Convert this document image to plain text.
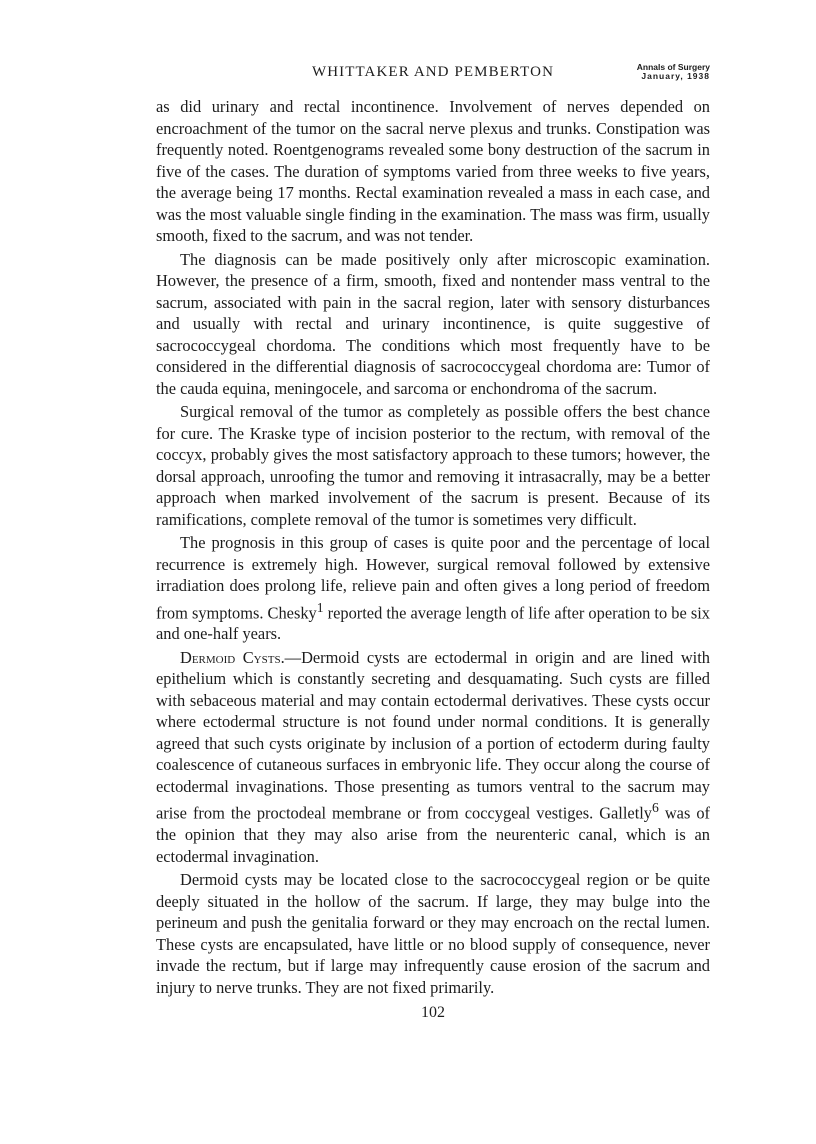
WHITTAKER AND PEMBERTON	Annals of Surgery
January, 1938

as did urinary and rectal incontinence. Involvement of nerves depended on encroachment of the tumor on the sacral nerve plexus and trunks. Constipation was frequently noted. Roentgenograms revealed some bony destruction of the sacrum in five of the cases. The duration of symptoms varied from three weeks to five years, the average being 17 months. Rectal examination revealed a mass in each case, and was the most valuable single finding in the examination. The mass was firm, usually smooth, fixed to the sacrum, and was not tender.

The diagnosis can be made positively only after microscopic examination. However, the presence of a firm, smooth, fixed and nontender mass ventral to the sacrum, associated with pain in the sacral region, later with sensory disturbances and usually with rectal and urinary incontinence, is quite suggestive of sacrococcygeal chordoma. The conditions which most frequently have to be considered in the differential diagnosis of sacrococcygeal chordoma are: Tumor of the cauda equina, meningocele, and sarcoma or enchondroma of the sacrum.

Surgical removal of the tumor as completely as possible offers the best chance for cure. The Kraske type of incision posterior to the rectum, with removal of the coccyx, probably gives the most satisfactory approach to these tumors; however, the dorsal approach, unroofing the tumor and removing it intrasacrally, may be a better approach when marked involvement of the sacrum is present. Because of its ramifications, complete removal of the tumor is sometimes very difficult.

The prognosis in this group of cases is quite poor and the percentage of local recurrence is extremely high. However, surgical removal followed by extensive irradiation does prolong life, relieve pain and often gives a long period of freedom from symptoms. Chesky$^1$ reported the average length of life after operation to be six and one-half years.

Dermoid Cysts.—Dermoid cysts are ectodermal in origin and are lined with epithelium which is constantly secreting and desquamating. Such cysts are filled with sebaceous material and may contain ectodermal derivatives. These cysts occur where ectodermal structure is not found under normal conditions. It is generally agreed that such cysts originate by inclusion of a portion of ectoderm during faulty coalescence of cutaneous surfaces in embryonic life. They occur along the course of ectodermal invaginations. Those presenting as tumors ventral to the sacrum may arise from the proctodeal membrane or from coccygeal vestiges. Galletly$^6$ was of the opinion that they may also arise from the neurenteric canal, which is an ectodermal invagination.

Dermoid cysts may be located close to the sacrococcygeal region or be quite deeply situated in the hollow of the sacrum. If large, they may bulge into the perineum and push the genitalia forward or they may encroach on the rectal lumen. These cysts are encapsulated, have little or no blood supply of consequence, never invade the rectum, but if large may infrequently cause erosion of the sacrum and injury to nerve trunks. They are not fixed primarily.

102
